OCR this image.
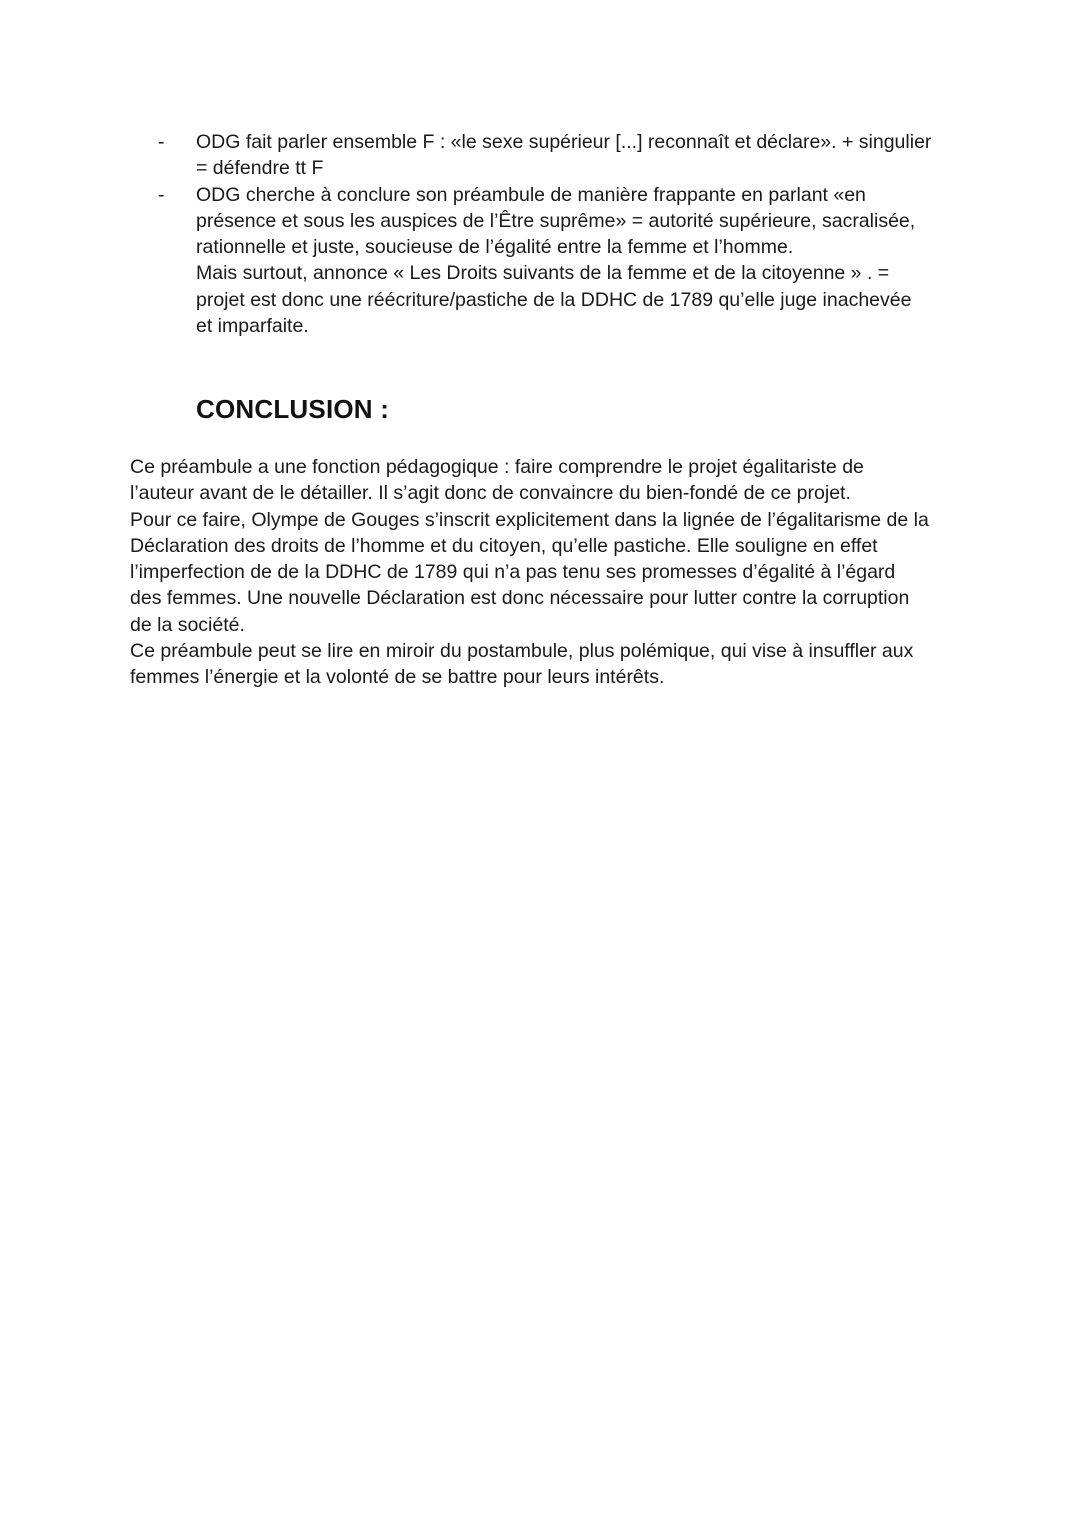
-	ODG fait parler ensemble F : «le sexe supérieur [...] reconnaît et déclare». + singulier
= défendre tt F
-	ODG cherche à conclure son préambule de manière frappante en parlant «en
présence et sous les auspices de l’Être suprême» = autorité supérieure, sacralisée,
rationnelle et juste, soucieuse de l’égalité entre la femme et l’homme.
Mais surtout, annonce « Les Droits suivants de la femme et de la citoyenne » . =
projet est donc une réécriture/pastiche de la DDHC de 1789 qu’elle juge inachevée
et imparfaite.
CONCLUSION :

Ce préambule a une fonction pédagogique : faire comprendre le projet égalitariste de

l’auteur avant de le détailler. Il s’agit donc de convaincre du bien-fondé de ce projet.

Pour ce faire, Olympe de Gouges s’inscrit explicitement dans la lignée de l’égalitarisme de la

Déclaration des droits de l’homme et du citoyen, qu’elle pastiche. Elle souligne en effet

l’imperfection de de la DDHC de 1789 qui n’a pas tenu ses promesses d’égalité à l’égard

des femmes. Une nouvelle Déclaration est donc nécessaire pour lutter contre la corruption

de la société.

Ce préambule peut se lire en miroir du postambule, plus polémique, qui vise à insuffler aux

femmes l’énergie et la volonté de se battre pour leurs intérêts.
